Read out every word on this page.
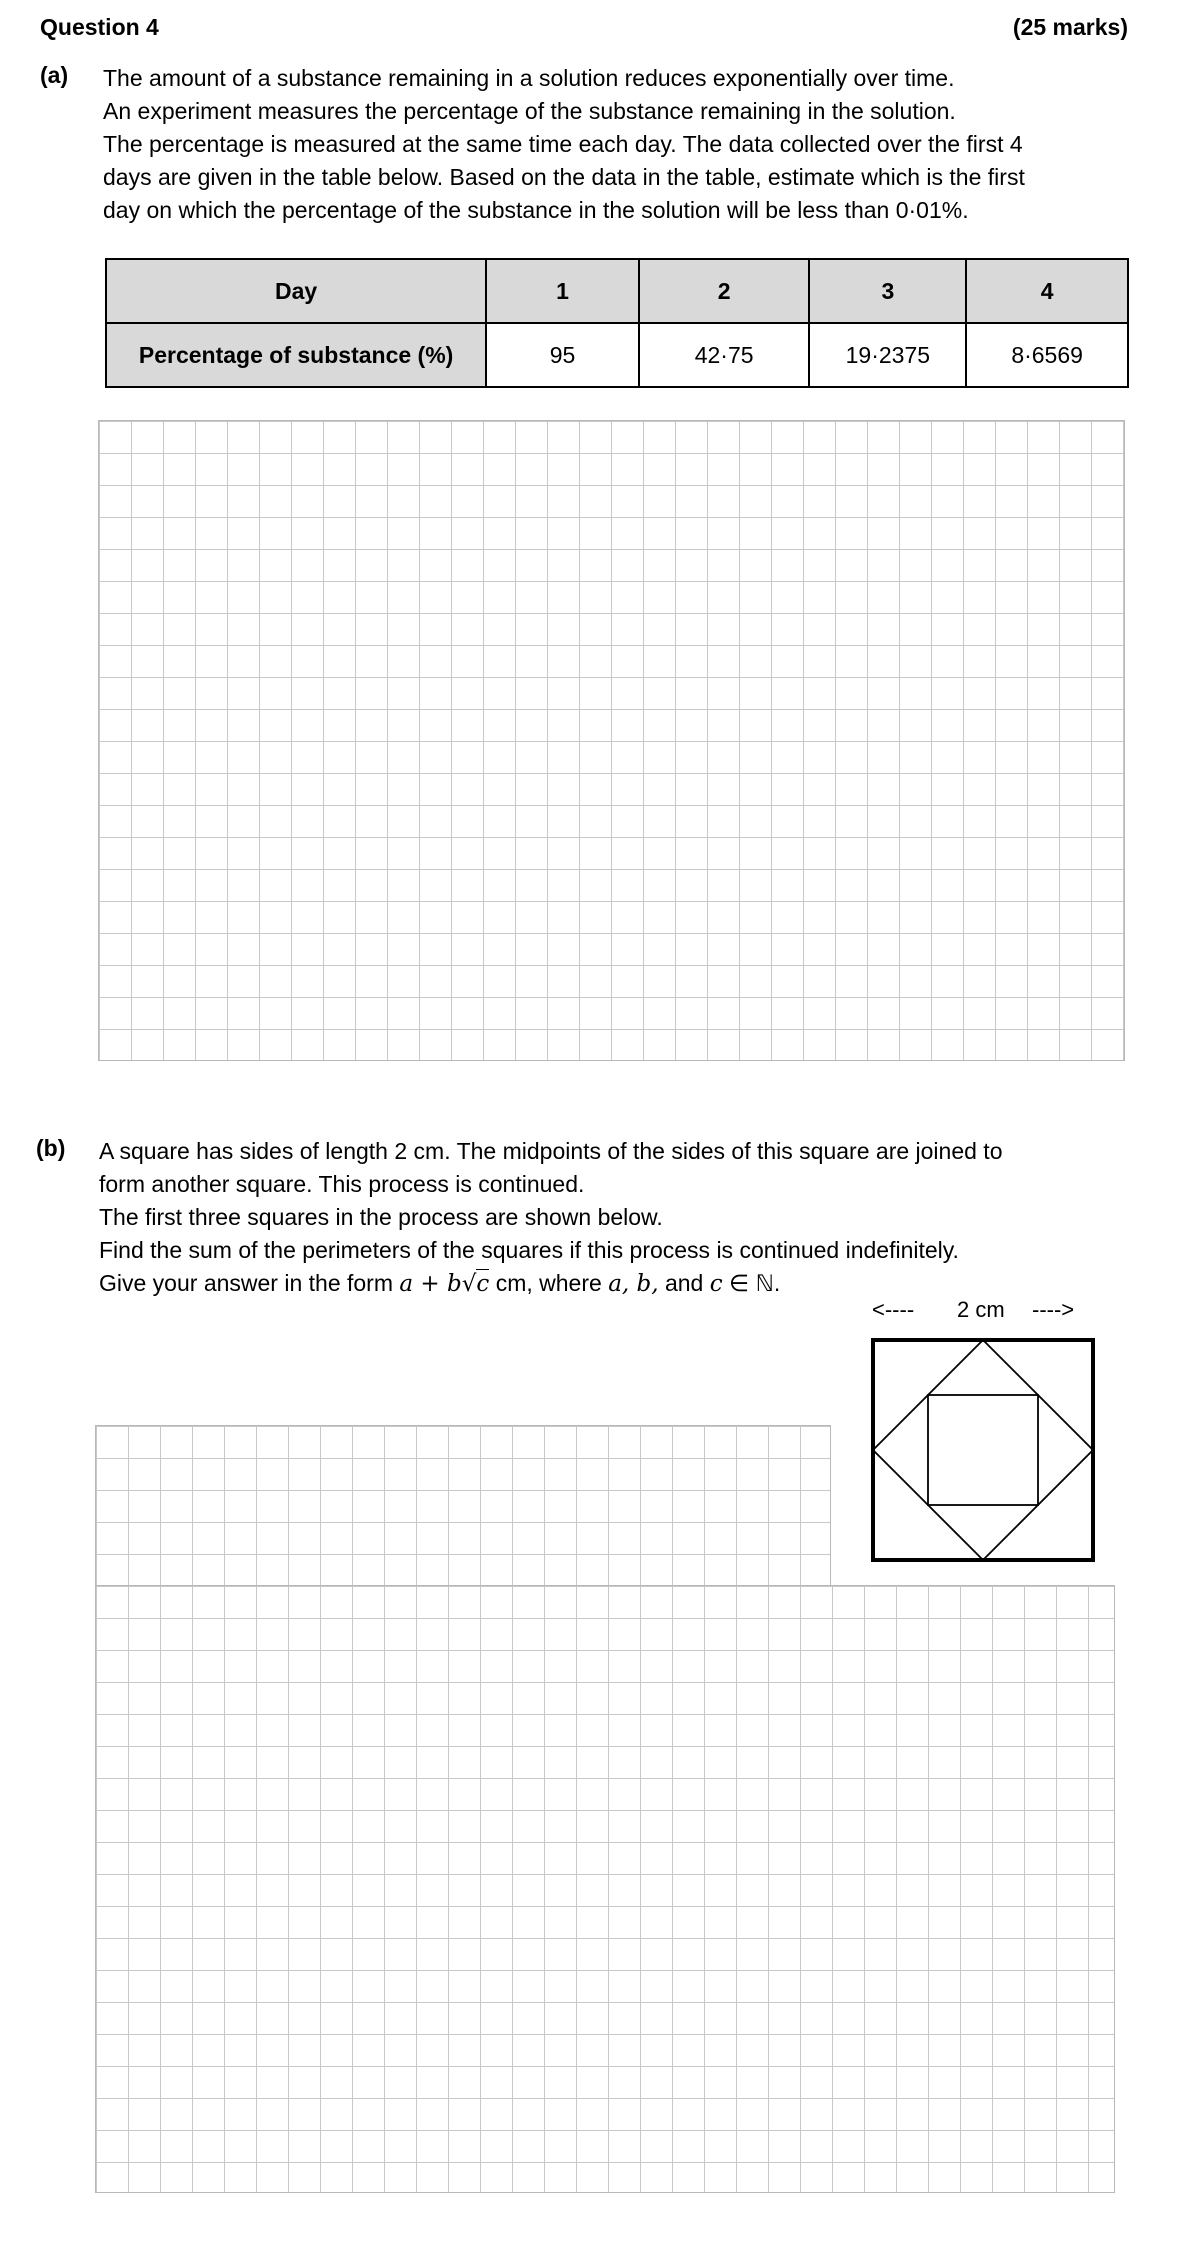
Question 4	(25 marks)
(a) The amount of a substance remaining in a solution reduces exponentially over time.
An experiment measures the percentage of the substance remaining in the solution.
The percentage is measured at the same time each day. The data collected over the first 4
days are given in the table below. Based on the data in the table, estimate which is the first
day on which the percentage of the substance in the solution will be less than 0·01%.
Day	1	2	3	4
Percentage of substance (%)	95	42·75	19·2375	8·6569
(b) A square has sides of length 2 cm. The midpoints of the sides of this square are joined to
form another square. This process is continued.
The first three squares in the process are shown below.
Find the sum of the perimeters of the squares if this process is continued indefinitely.
Give your answer in the form a + b√c cm, where a, b, and c ∈ ℕ.
<---- 2 cm ---->
